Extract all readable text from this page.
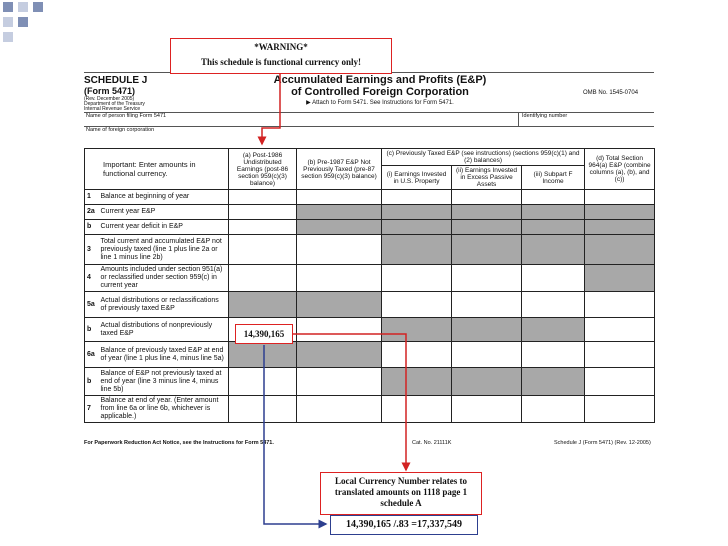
SCHEDULE J
(Form 5471)
(Rev. December 2005)
Department of the Treasury
Internal Revenue Service
Accumulated Earnings and Profits (E&P)
of Controlled Foreign Corporation
▶ Attach to Form 5471. See Instructions for Form 5471.
OMB No. 1545-0704
Name of person filing Form 5471	Identifying number
Name of foreign corporation
Important: Enter amounts in functional currency.		(a) Post-1986 Undistributed Earnings (post-86 section 959(c)(3) balance)	(b) Pre-1987 E&P Not Previously Taxed (pre-87 section 959(c)(3) balance)	(c) Previously Taxed E&P (see instructions) (sections 959(c)(1) and (2) balances)			(d) Total Section 964(a) E&P (combine columns (a), (b), and (c))
				(i) Earnings Invested in U.S. Property	(ii) Earnings Invested in Excess Passive Assets	(iii) Subpart F Income	
1	Balance at beginning of year						
2a	Current year E&P						
b	Current year deficit in E&P						
3	Total current and accumulated E&P not previously taxed (line 1 plus line 2a or line 1 minus line 2b)						
4	Amounts included under section 951(a) or reclassified under section 959(c) in current year						
5a	Actual distributions or reclassifications of previously taxed E&P						
b	Actual distributions of nonpreviously taxed E&P						
6a	Balance of previously taxed E&P at end of year (line 1 plus line 4, minus line 5a)						
b	Balance of E&P not previously taxed at end of year (line 3 minus line 4, minus line 5b)						
7	Balance at end of year. (Enter amount from line 6a or line 6b, whichever is applicable.)						
For Paperwork Reduction Act Notice, see the Instructions for Form 5471.	Cat. No. 21111K	Schedule J (Form 5471) (Rev. 12-2005)
*WARNING*
This schedule is functional currency only!
14,390,165
Local Currency Number relates to translated amounts on 1118 page 1 schedule A
14,390,165 /.83 =17,337,549
